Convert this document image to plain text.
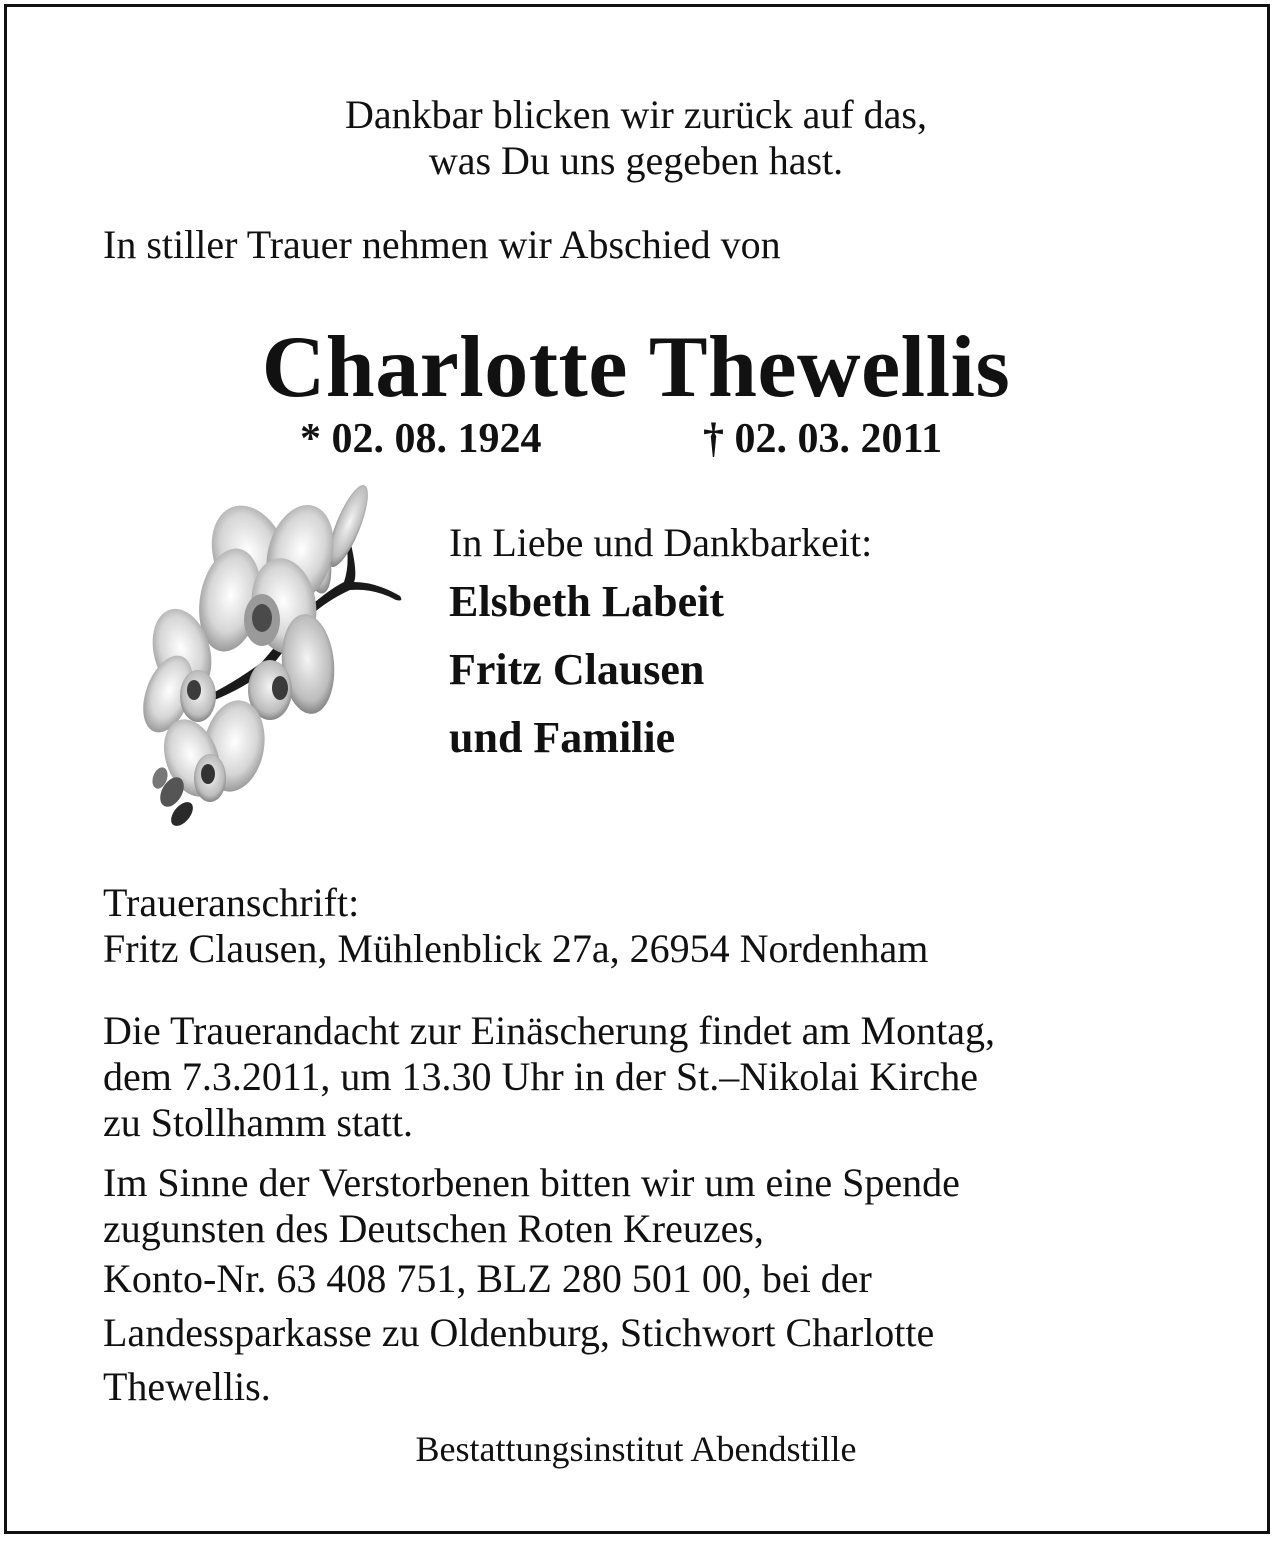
Dankbar blicken wir zurück auf das,
was Du uns gegeben hast.
In stiller Trauer nehmen wir Abschied von
Charlotte Thewellis
* 02. 08. 1924	† 02. 03. 2011
In Liebe und Dankbarkeit:
Elsbeth Labeit
Fritz Clausen
und Familie
Traueranschrift:
Fritz Clausen, Mühlenblick 27a, 26954 Nordenham
Die Trauerandacht zur Einäscherung findet am Montag,
dem 7.3.2011, um 13.30 Uhr in der St.–Nikolai Kirche
zu Stollhamm statt.
Im Sinne der Verstorbenen bitten wir um eine Spende
zugunsten des Deutschen Roten Kreuzes,
Konto-Nr. 63 408 751, BLZ 280 501 00, bei der
Landessparkasse zu Oldenburg, Stichwort Charlotte
Thewellis.
Bestattungsinstitut Abendstille
